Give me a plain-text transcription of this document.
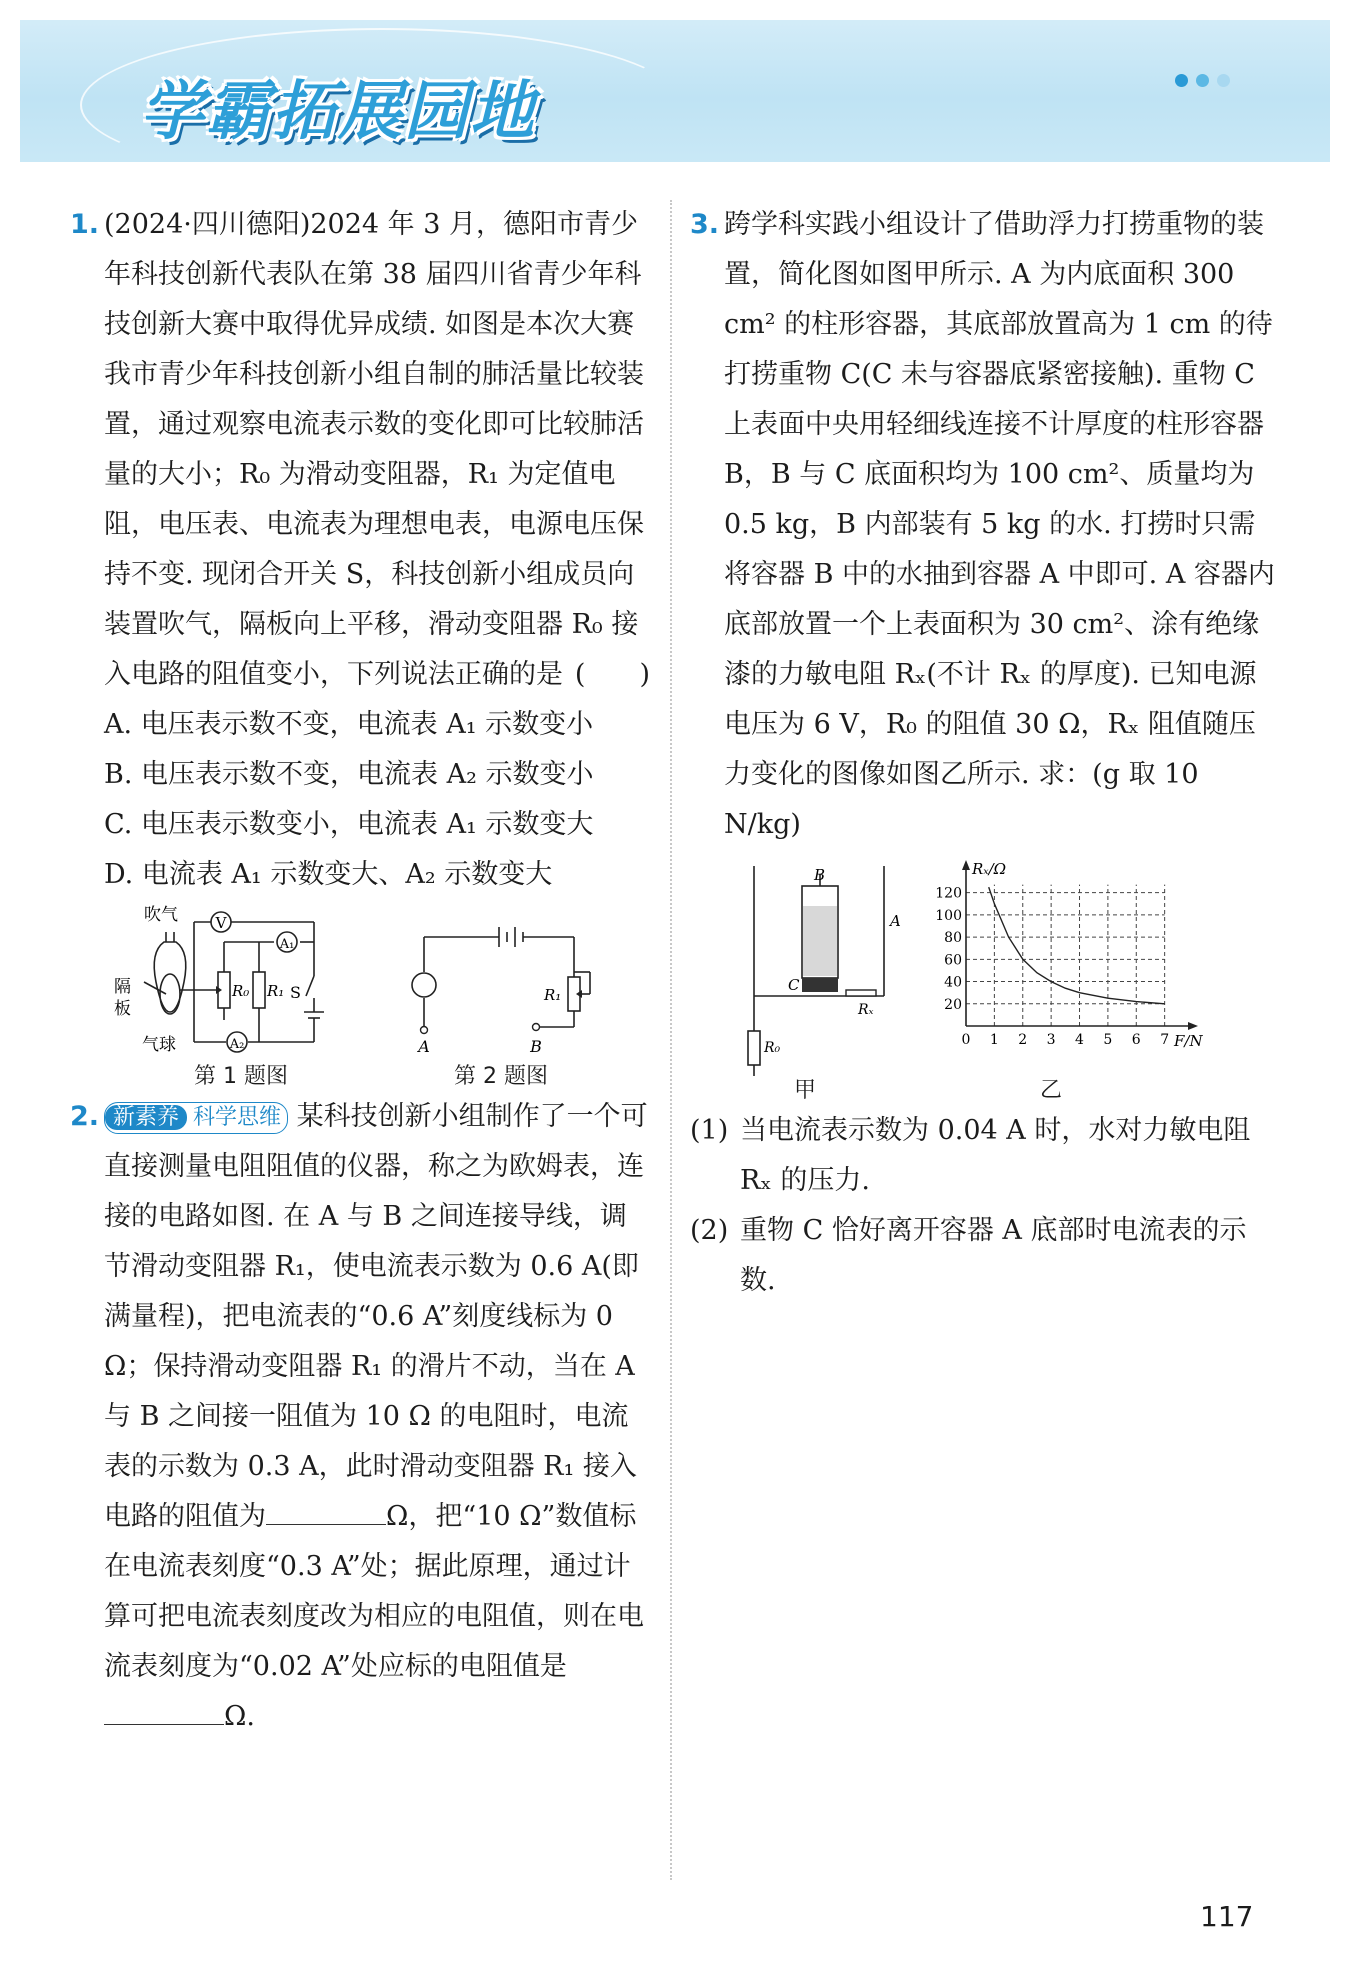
学霸拓展园地

1. (2024·四川德阳)2024 年 3 月，德阳市青少年科技创新代表队在第 38 届四川省青少年科技创新大赛中取得优异成绩. 如图是本次大赛我市青少年科技创新小组自制的肺活量比较装置，通过观察电流表示数的变化即可比较肺活量的大小；R₀ 为滑动变阻器，R₁ 为定值电阻，电压表、电流表为理想电表，电源电压保持不变. 现闭合开关 S，科技创新小组成员向装置吹气，隔板向上平移，滑动变阻器 R₀ 接入电路的阻值变小，下列说法正确的是 (　　)

A. 电压表示数不变，电流表 A₁ 示数变小

B. 电压表示数不变，电流表 A₂ 示数变小

C. 电压表示数变小，电流表 A₁ 示数变大

D. 电流表 A₁ 示数变大、A₂ 示数变大

V
A₁
A₂
R₀ R₁ S
吹气
隔
板
气球
第 1 题图
A	B
R₁
第 2 题图

2. 新素养 科学思维 某科技创新小组制作了一个可直接测量电阻阻值的仪器，称之为欧姆表，连接的电路如图. 在 A 与 B 之间连接导线，调节滑动变阻器 R₁，使电流表示数为 0.6 A(即满量程)，把电流表的“0.6 A”刻度线标为 0 Ω；保持滑动变阻器 R₁ 的滑片不动，当在 A 与 B 之间接一阻值为 10 Ω 的电阻时，电流表的示数为 0.3 A，此时滑动变阻器 R₁ 接入电路的阻值为	Ω，把“10 Ω”数值标在电流表刻度“0.3 A”处；据此原理，通过计算可把电流表刻度改为相应的电阻值，则在电流表刻度为“0.02 A”处应标的电阻值是Ω.

3. 跨学科实践小组设计了借助浮力打捞重物的装置，简化图如图甲所示. A 为内底面积 300 cm² 的柱形容器，其底部放置高为 1 cm 的待打捞重物 C(C 未与容器底紧密接触). 重物 C 上表面中央用轻细线连接不计厚度的柱形容器 B，B 与 C 底面积均为 100 cm²、质量均为 0.5 kg，B 内部装有 5 kg 的水. 打捞时只需将容器 B 中的水抽到容器 A 中即可. A 容器内底部放置一个上表面积为 30 cm²、涂有绝缘漆的力敏电阻 Rₓ(不计 Rₓ 的厚度). 已知电源电压为 6 V，R₀ 的阻值 30 Ω，Rₓ 阻值随压力变化的图像如图乙所示. 求：(g 取 10 N/kg)

B
A
C
R₀
Rₓ
甲
0 1 2 3 4 5 6 7
20
40
60
80
100
120
Rₓ/Ω
F/N
乙

(1) 当电流表示数为 0.04 A 时，水对力敏电阻 Rₓ 的压力.

(2) 重物 C 恰好离开容器 A 底部时电流表的示数.

117
